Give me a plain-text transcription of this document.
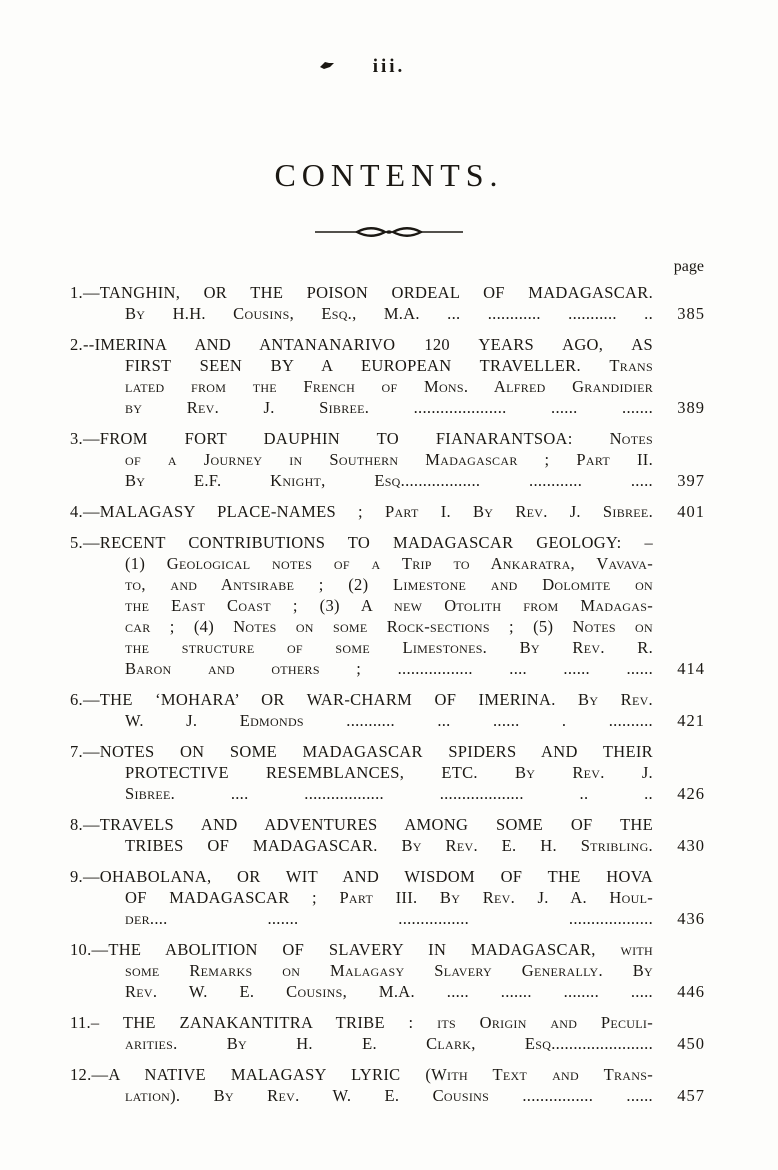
iii.
CONTENTS.
page
1.—TANGHIN, OR THE POISON ORDEAL OF MADAGASCAR.
By H.H. Cousins, Esq., M.A. ... ............ ........... ..	385
2.--IMERINA AND ANTANANARIVO 120 YEARS AGO, AS
FIRST SEEN BY A EUROPEAN TRAVELLER. Trans
lated from the French of Mons. Alfred Grandidier
by Rev. J. Sibree. ..................... ...... .......	389
3.—FROM FORT DAUPHIN TO FIANARANTSOA: Notes
of a Journey in Southern Madagascar ; Part II.
By E.F. Knight, Esq.................. ............ .....	397
4.—MALAGASY PLACE-NAMES ; Part I. By Rev. J. Sibree.	401
5.—RECENT CONTRIBUTIONS TO MADAGASCAR GEOLOGY: –
(1) Geological notes of a Trip to Ankaratra, Vavava-
to, and Antsirabe ; (2) Limestone and Dolomite on
the East Coast ; (3) A new Otolith from Madagas-
car ; (4) Notes on some Rock-sections ; (5) Notes on
the structure of some Limestones. By Rev. R.
Baron and others ; ................. .... ...... ......	414
6.—THE ‘MOHARA’ OR WAR-CHARM OF IMERINA. By Rev.
W. J. Edmonds ........... ... ...... . ..........	421
7.—NOTES ON SOME MADAGASCAR SPIDERS AND THEIR
PROTECTIVE RESEMBLANCES, ETC. By Rev. J.
Sibree. .... .................. ................... .. ..	426
8.—TRAVELS AND ADVENTURES AMONG SOME OF THE
TRIBES OF MADAGASCAR. By Rev. E. H. Stribling.	430
9.—OHABOLANA, OR WIT AND WISDOM OF THE HOVA
OF MADAGASCAR ; Part III. By Rev. J. A. Houl-
der.... ....... ................ ...................	436
10.—THE ABOLITION OF SLAVERY IN MADAGASCAR, with
some Remarks on Malagasy Slavery Generally. By
Rev. W. E. Cousins, M.A. ..... ....... ........ .....	446
11.– THE ZANAKANTITRA TRIBE : its Origin and Peculi-
arities. By H. E. Clark, Esq.......................	450
12.—A NATIVE MALAGASY LYRIC (With Text and Trans-
lation). By Rev. W. E. Cousins ................ ......	457
